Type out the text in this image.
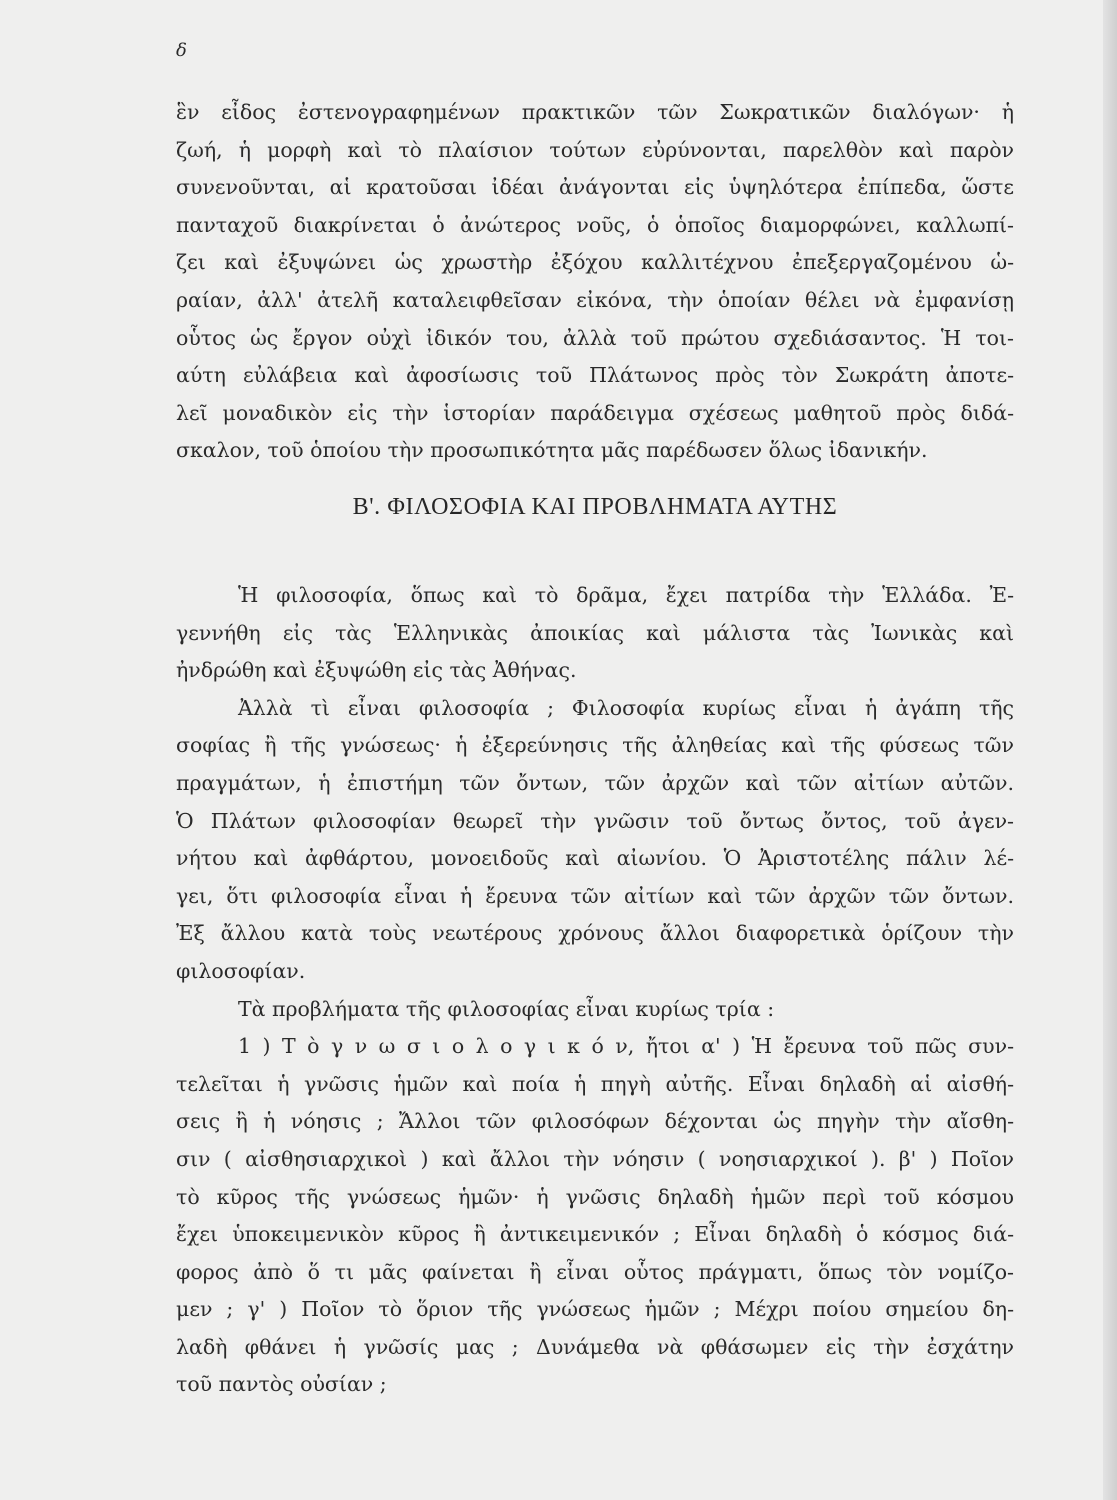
δ
ἓν εἶδος ἐστενογραφημένων πρακτικῶν τῶν Σωκρατικῶν διαλόγων· ἡ
ζωή, ἡ μορφὴ καὶ τὸ πλαίσιον τούτων εὐρύνονται, παρελθὸν καὶ παρὸν
συνενοῦνται, αἱ κρατοῦσαι ἰδέαι ἀνάγονται εἰς ὑψηλότερα ἐπίπεδα, ὥστε
πανταχοῦ διακρίνεται ὁ ἀνώτερος νοῦς, ὁ ὁποῖος διαμορφώνει, καλλωπί-
ζει καὶ ἐξυψώνει ὡς χρωστὴρ ἐξόχου καλλιτέχνου ἐπεξεργαζομένου ὡ-
ραίαν, ἀλλ' ἀτελῆ καταλειφθεῖσαν εἰκόνα, τὴν ὁποίαν θέλει νὰ ἐμφανίσῃ
οὗτος ὡς ἔργον οὐχὶ ἰδικόν του, ἀλλὰ τοῦ πρώτου σχεδιάσαντος. Ἡ τοι-
αύτη εὐλάβεια καὶ ἀφοσίωσις τοῦ Πλάτωνος πρὸς τὸν Σωκράτη ἀποτε-
λεῖ μοναδικὸν εἰς τὴν ἱστορίαν παράδειγμα σχέσεως μαθητοῦ πρὸς διδά-
σκαλον, τοῦ ὁποίου τὴν προσωπικότητα μᾶς παρέδωσεν ὅλως ἰδανικήν.
Β'. ΦΙΛΟΣΟΦΙΑ ΚΑΙ ΠΡΟΒΛΗΜΑΤΑ ΑΥΤΗΣ
Ἡ φιλοσοφία, ὅπως καὶ τὸ δρᾶμα, ἔχει πατρίδα τὴν Ἑλλάδα. Ἐ-
γεννήθη εἰς τὰς Ἑλληνικὰς ἀποικίας καὶ μάλιστα τὰς Ἰωνικὰς καὶ
ἠνδρώθη καὶ ἐξυψώθη εἰς τὰς Ἀθήνας.
Ἀλλὰ τὶ εἶναι φιλοσοφία ; Φιλοσοφία κυρίως εἶναι ἡ ἀγάπη τῆς
σοφίας ἢ τῆς γνώσεως· ἡ ἐξερεύνησις τῆς ἀληθείας καὶ τῆς φύσεως τῶν
πραγμάτων, ἡ ἐπιστήμη τῶν ὄντων, τῶν ἀρχῶν καὶ τῶν αἰτίων αὐτῶν.
Ὁ Πλάτων φιλοσοφίαν θεωρεῖ τὴν γνῶσιν τοῦ ὄντως ὄντος, τοῦ ἀγεν-
νήτου καὶ ἀφθάρτου, μονοειδοῦς καὶ αἰωνίου. Ὁ Ἀριστοτέλης πάλιν λέ-
γει, ὅτι φιλοσοφία εἶναι ἡ ἔρευνα τῶν αἰτίων καὶ τῶν ἀρχῶν τῶν ὄντων.
Ἐξ ἄλλου κατὰ τοὺς νεωτέρους χρόνους ἄλλοι διαφορετικὰ ὁρίζουν τὴν
φιλοσοφίαν.
Τὰ προβλήματα τῆς φιλοσοφίας εἶναι κυρίως τρία :
1 ) Τ ὸ γ ν ω σ ι ο λ ο γ ι κ ό ν, ἤτοι α' ) Ἡ ἔρευνα τοῦ πῶς συν-
τελεῖται ἡ γνῶσις ἡμῶν καὶ ποία ἡ πηγὴ αὐτῆς. Εἶναι δηλαδὴ αἱ αἰσθή-
σεις ἢ ἡ νόησις ; Ἄλλοι τῶν φιλοσόφων δέχονται ὡς πηγὴν τὴν αἴσθη-
σιν ( αἰσθησιαρχικοὶ ) καὶ ἄλλοι τὴν νόησιν ( νοησιαρχικοί ). β' ) Ποῖον
τὸ κῦρος τῆς γνώσεως ἡμῶν· ἡ γνῶσις δηλαδὴ ἡμῶν περὶ τοῦ κόσμου
ἔχει ὑποκειμενικὸν κῦρος ἢ ἀντικειμενικόν ; Εἶναι δηλαδὴ ὁ κόσμος διά-
φορος ἀπὸ ὅ τι μᾶς φαίνεται ἢ εἶναι οὗτος πράγματι, ὅπως τὸν νομίζο-
μεν ; γ' ) Ποῖον τὸ ὅριον τῆς γνώσεως ἡμῶν ; Μέχρι ποίου σημείου δη-
λαδὴ φθάνει ἡ γνῶσίς μας ; Δυνάμεθα νὰ φθάσωμεν εἰς τὴν ἐσχάτην
τοῦ παντὸς οὐσίαν ;
